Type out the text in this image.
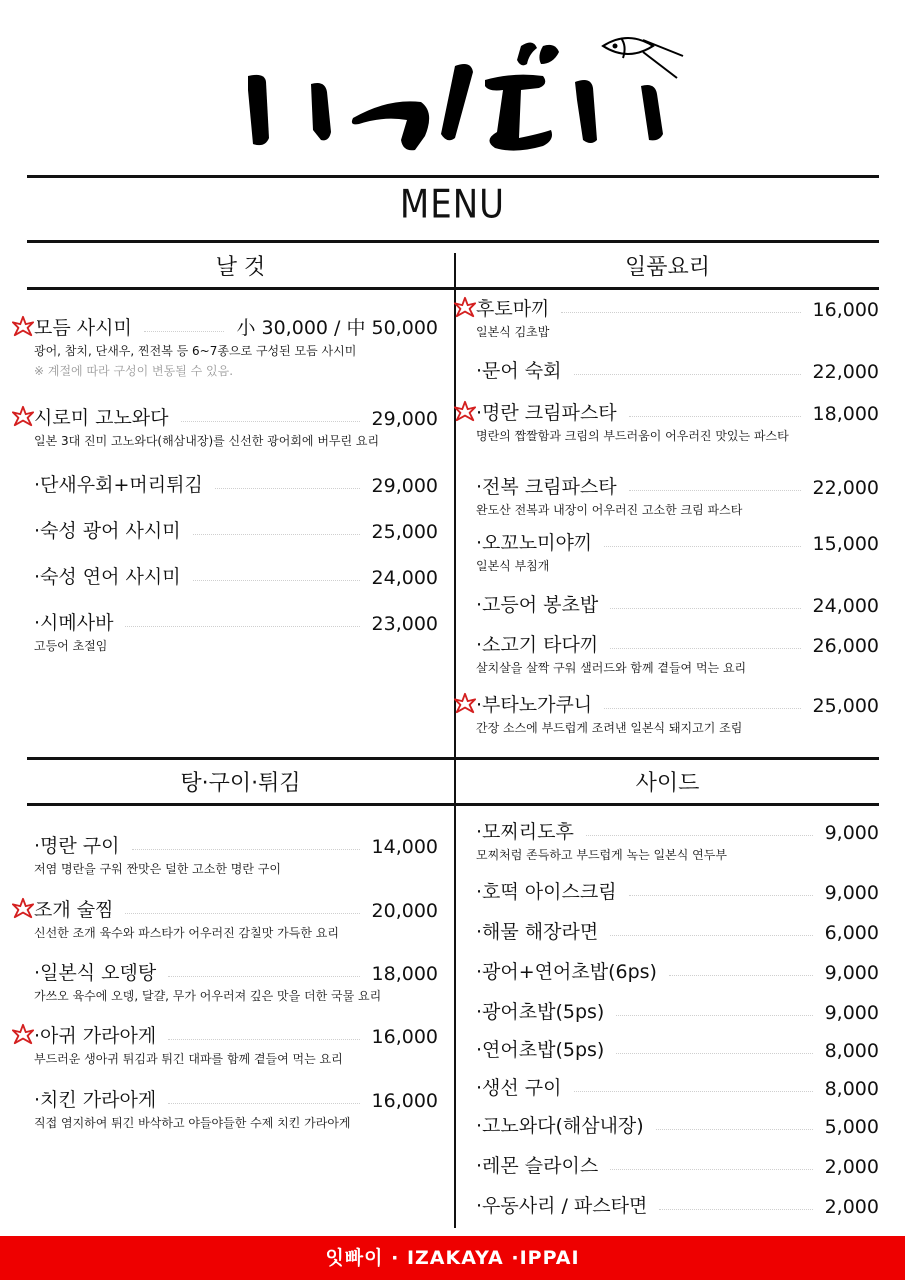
MENU
날 것	일품요리
탕·구이·튀김	사이드
모듬 사시미	小 30,000 / 中 50,000
광어, 참치, 단새우, 찐전복 등 6~7종으로 구성된 모듬 사시미
※ 계절에 따라 구성이 변동될 수 있음.
시로미 고노와다	29,000
일본 3대 진미 고노와다(해삼내장)를 신선한 광어회에 버무린 요리
·단새우회+머리튀김	29,000
·숙성 광어 사시미	25,000
·숙성 연어 사시미	24,000
·시메사바	23,000
고등어 초절임
후토마끼	16,000
일본식 김초밥
·문어 숙회	22,000
·명란 크림파스타	18,000
명란의 짭짤함과 크림의 부드러움이 어우러진 맛있는 파스타
·전복 크림파스타	22,000
완도산 전복과 내장이 어우러진 고소한 크림 파스타
·오꼬노미야끼	15,000
일본식 부침개
·고등어 봉초밥	24,000
·소고기 타다끼	26,000
살치살을 살짝 구워 샐러드와 함께 곁들여 먹는 요리
·부타노가쿠니	25,000
간장 소스에 부드럽게 조려낸 일본식 돼지고기 조림
·명란 구이	14,000
저염 명란을 구워 짠맛은 덜한 고소한 명란 구이
조개 술찜	20,000
신선한 조개 육수와 파스타가 어우러진 감칠맛 가득한 요리
·일본식 오뎅탕	18,000
가쓰오 육수에 오뎅, 달걀, 무가 어우러져 깊은 맛을 더한 국물 요리
·아귀 가라아게	16,000
부드러운 생아귀 튀김과 튀긴 대파를 함께 곁들여 먹는 요리
·치킨 가라아게	16,000
직접 염지하여 튀긴 바삭하고 야들야들한 수제 치킨 가라아게
·모찌리도후	9,000
모찌처럼 존득하고 부드럽게 녹는 일본식 연두부
·호떡 아이스크림	9,000
·해물 해장라면	6,000
·광어+연어초밥(6ps)	9,000
·광어초밥(5ps)	9,000
·연어초밥(5ps)	8,000
·생선 구이	8,000
·고노와다(해삼내장)	5,000
·레몬 슬라이스	2,000
·우동사리 / 파스타면	2,000
잇빠이 · IZAKAYA ·IPPAI
